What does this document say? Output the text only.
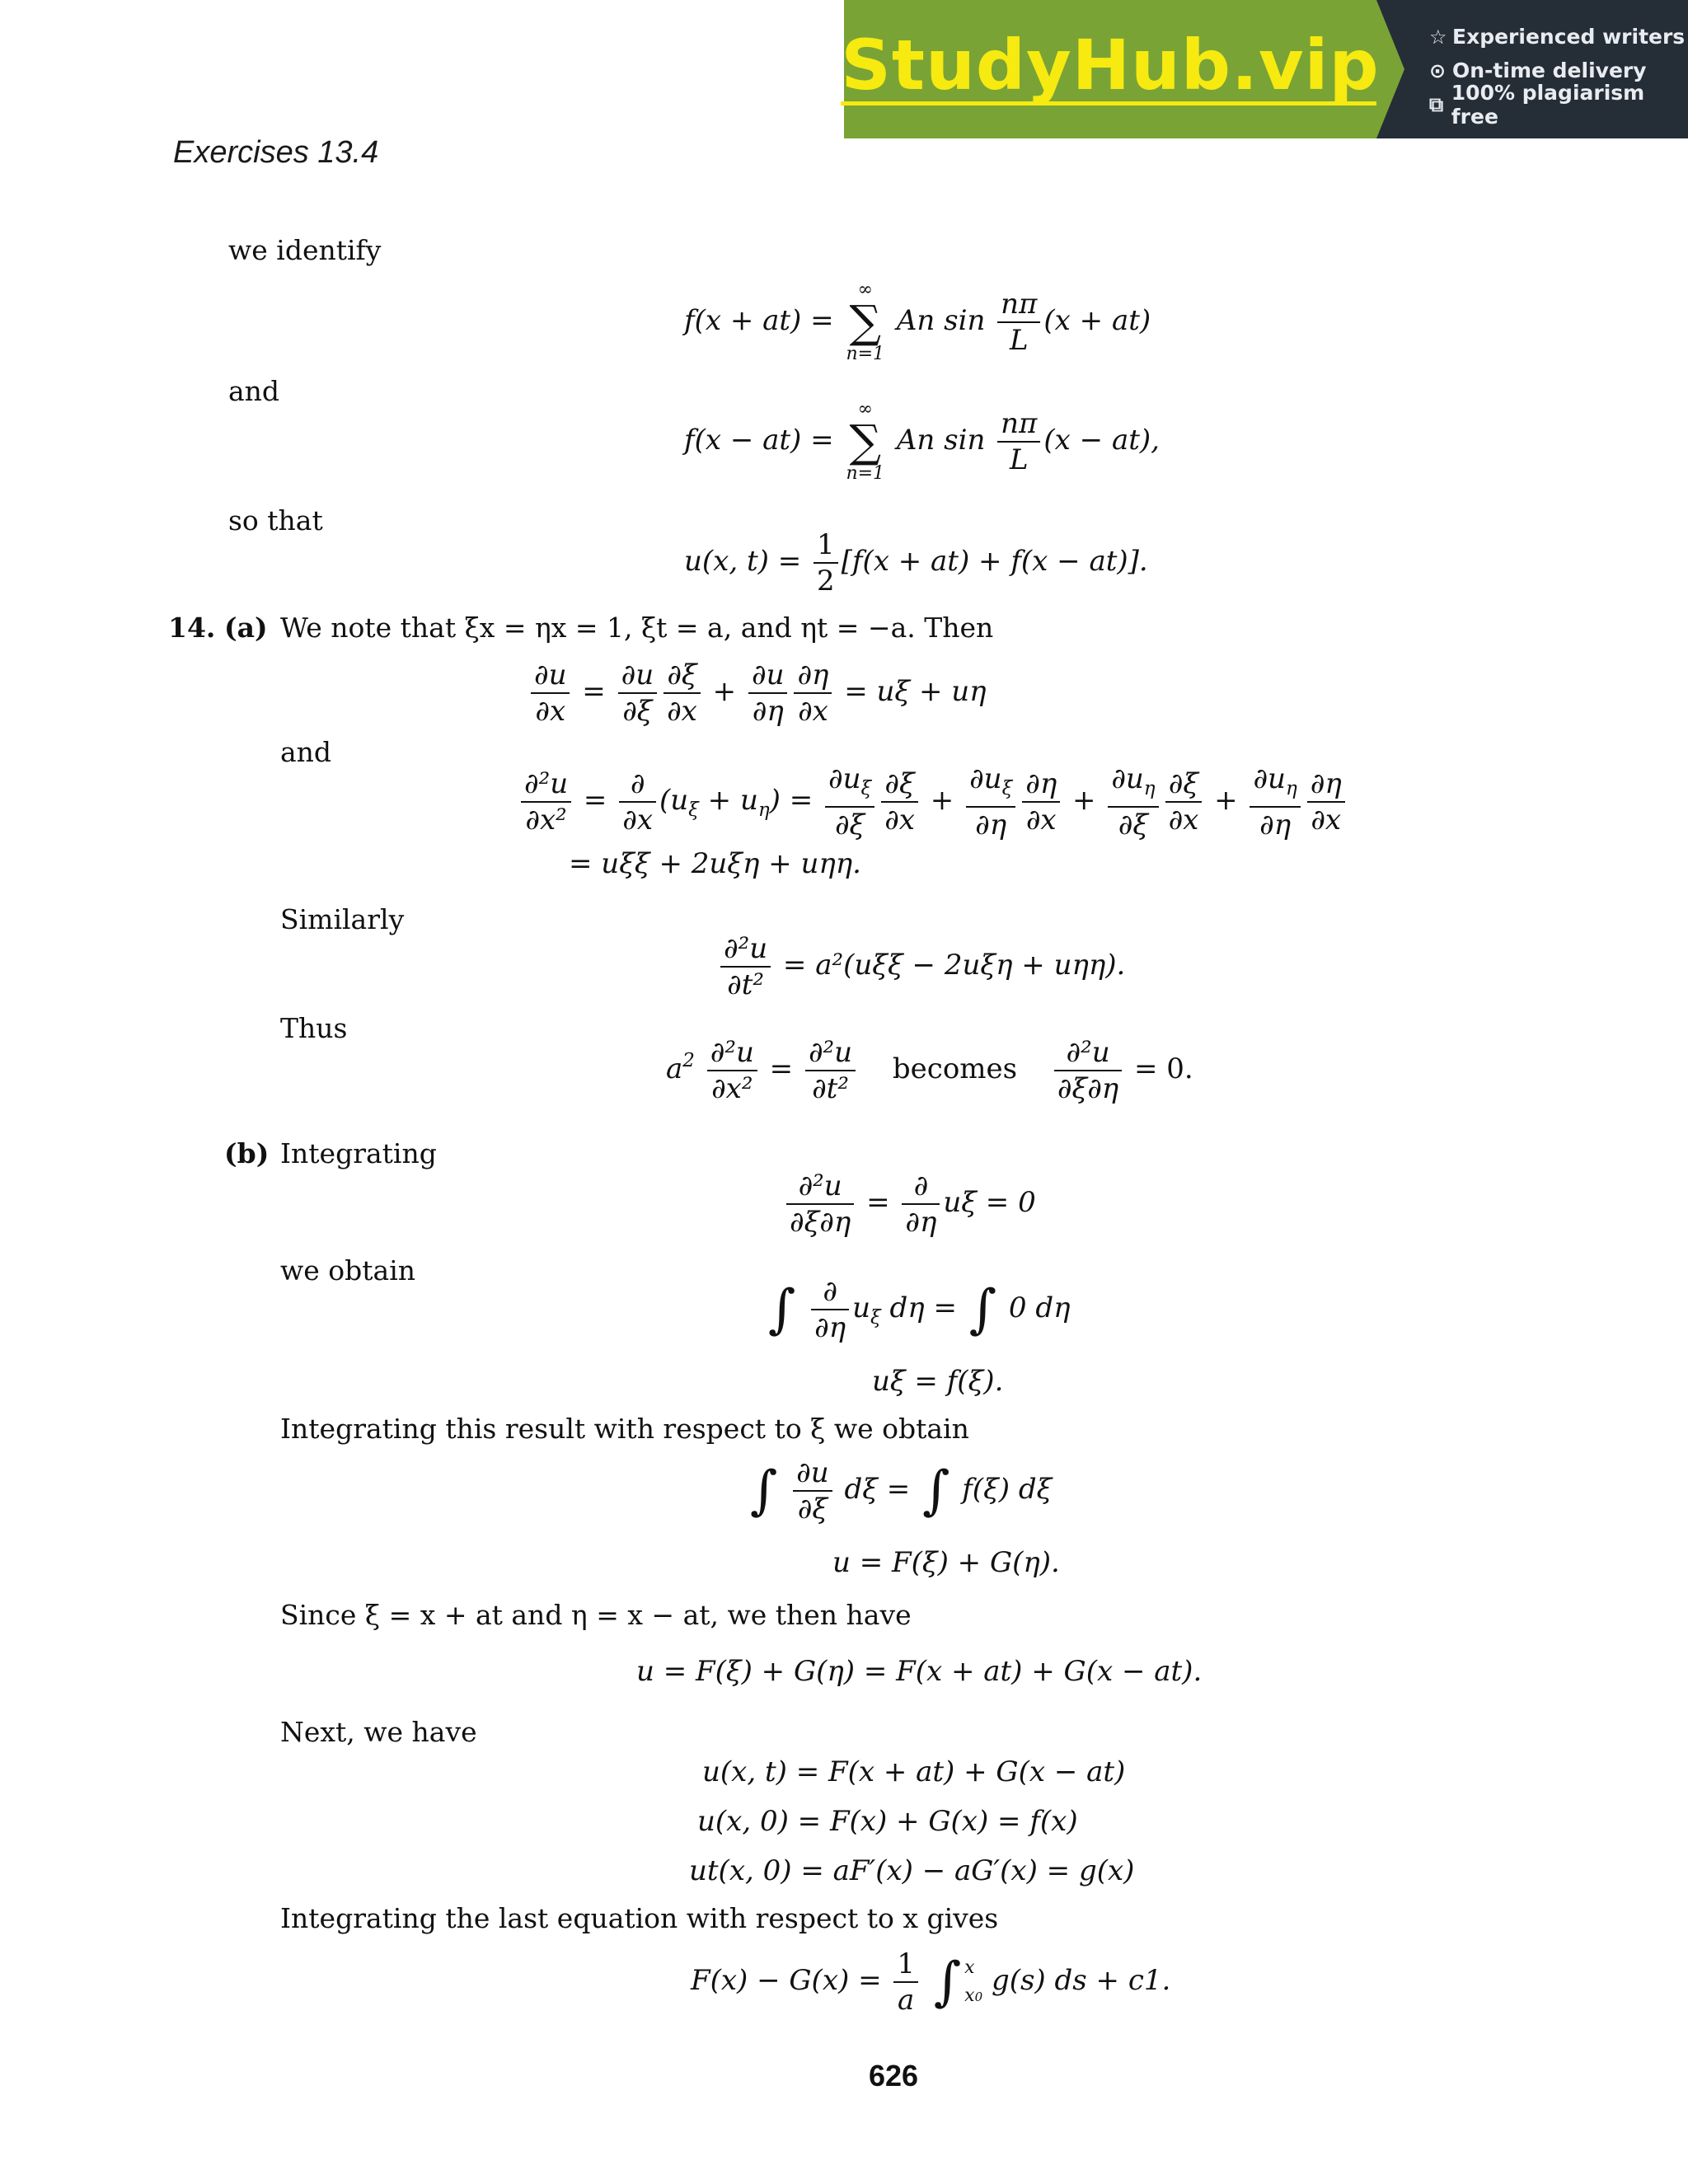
StudyHub.vip	☆ Experienced writers
⊙ On-time delivery
⧉ 100% plagiarism free
Exercises 13.4
we identify
f(x + at) =
∞
∑
n=1
An $\sin \frac{n\pi}{L} (x + at)$
and
f(x − at) =
∞
∑
n=1
An $\sin \frac{n\pi}{L} (x - at)$,
so that
u(x, $t) = \frac{1}{2} [f(x + at) + f(x - at)]$.
14. (a) We note that ξx = ηx = 1, ξt = a, and ηt = −a. Then
$\frac{\partial u}{\partial x} = \frac{\partial u}{\partial\xi} \frac{\partial\xi}{\partial x} + \frac{\partial u}{\partial\eta} \frac{\partial\eta}{\partial x} = u\xi + u\eta$
and
$\frac{\text{∂²u}}{\text{∂x²}} = \frac{\partial}{\partial x} (u_\xi + u_\eta) = \frac{\partial u_\xi}{\partial\xi} \frac{\partial\xi}{\partial x} + \frac{\partial u_\xi}{\partial\eta} \frac{\partial\eta}{\partial x} + \frac{\partial u_\eta}{\partial\xi} \frac{\partial\xi}{\partial x} + \frac{\partial u_\eta}{\partial\eta} \frac{\partial\eta}{\partial x}$
= uξξ + 2uξη + uηη.
Similarly
$\frac{\text{∂²u}}{\text{∂t²}} = a^2(u\xi\xi - 2u\xi\eta + u\eta\eta)$.
Thus
$a^2 \frac{\text{∂²u}}{\text{∂x²}} = \frac{\text{∂²u}}{\text{∂t²}}$ becomes $\frac{\text{∂²u}}{\partial\xi\partial\eta} = 0$.
(b) Integrating
$\frac{\text{∂²u}}{\partial\xi\partial\eta} = \frac{\partial}{\partial\eta}$ uξ = 0
we obtain
∫ $\frac{\partial}{\partial\eta} u_\xi$ dη = ∫ 0 dη
uξ = f(ξ).
Integrating this result with respect to ξ we obtain
∫ $\frac{\partial u}{\partial\xi}$ dξ = ∫ f(ξ) dξ
u = F(ξ) + G(η).
Since ξ = x + at and η = x − at, we then have
u = F(ξ) + G(η) = F(x + at) + G(x − at).
Next, we have
u(x, t) = F(x + at) + G(x − at)
u(x, 0) = F(x) + G(x) = f(x)
ut(x, 0) = aF′(x) − aG′(x) = g(x)
Integrating the last equation with respect to x gives
$F(x) - G(x) = \frac{1}{a}$ ∫ x
x0 g(s) ds + c1.
626
